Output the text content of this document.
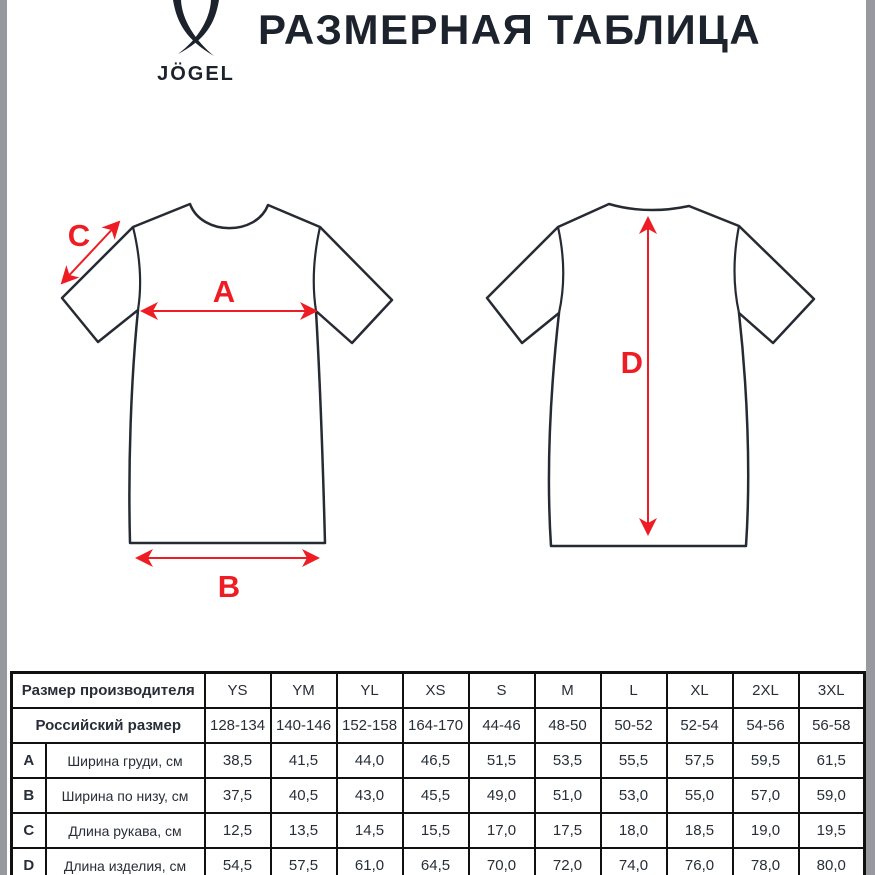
JÖGEL
РАЗМЕРНАЯ ТАБЛИЦА
A
B
C
D
Размер производителя		YS	YM	YL	XS	S	M	L	XL	2XL	3XL
Российский размер		128-134	140-146	152-158	164-170	44-46	48-50	50-52	52-54	54-56	56-58
A	Ширина груди, см	38,5	41,5	44,0	46,5	51,5	53,5	55,5	57,5	59,5	61,5
B	Ширина по низу, см	37,5	40,5	43,0	45,5	49,0	51,0	53,0	55,0	57,0	59,0
C	Длина рукава, см	12,5	13,5	14,5	15,5	17,0	17,5	18,0	18,5	19,0	19,5
D	Длина изделия, см	54,5	57,5	61,0	64,5	70,0	72,0	74,0	76,0	78,0	80,0
